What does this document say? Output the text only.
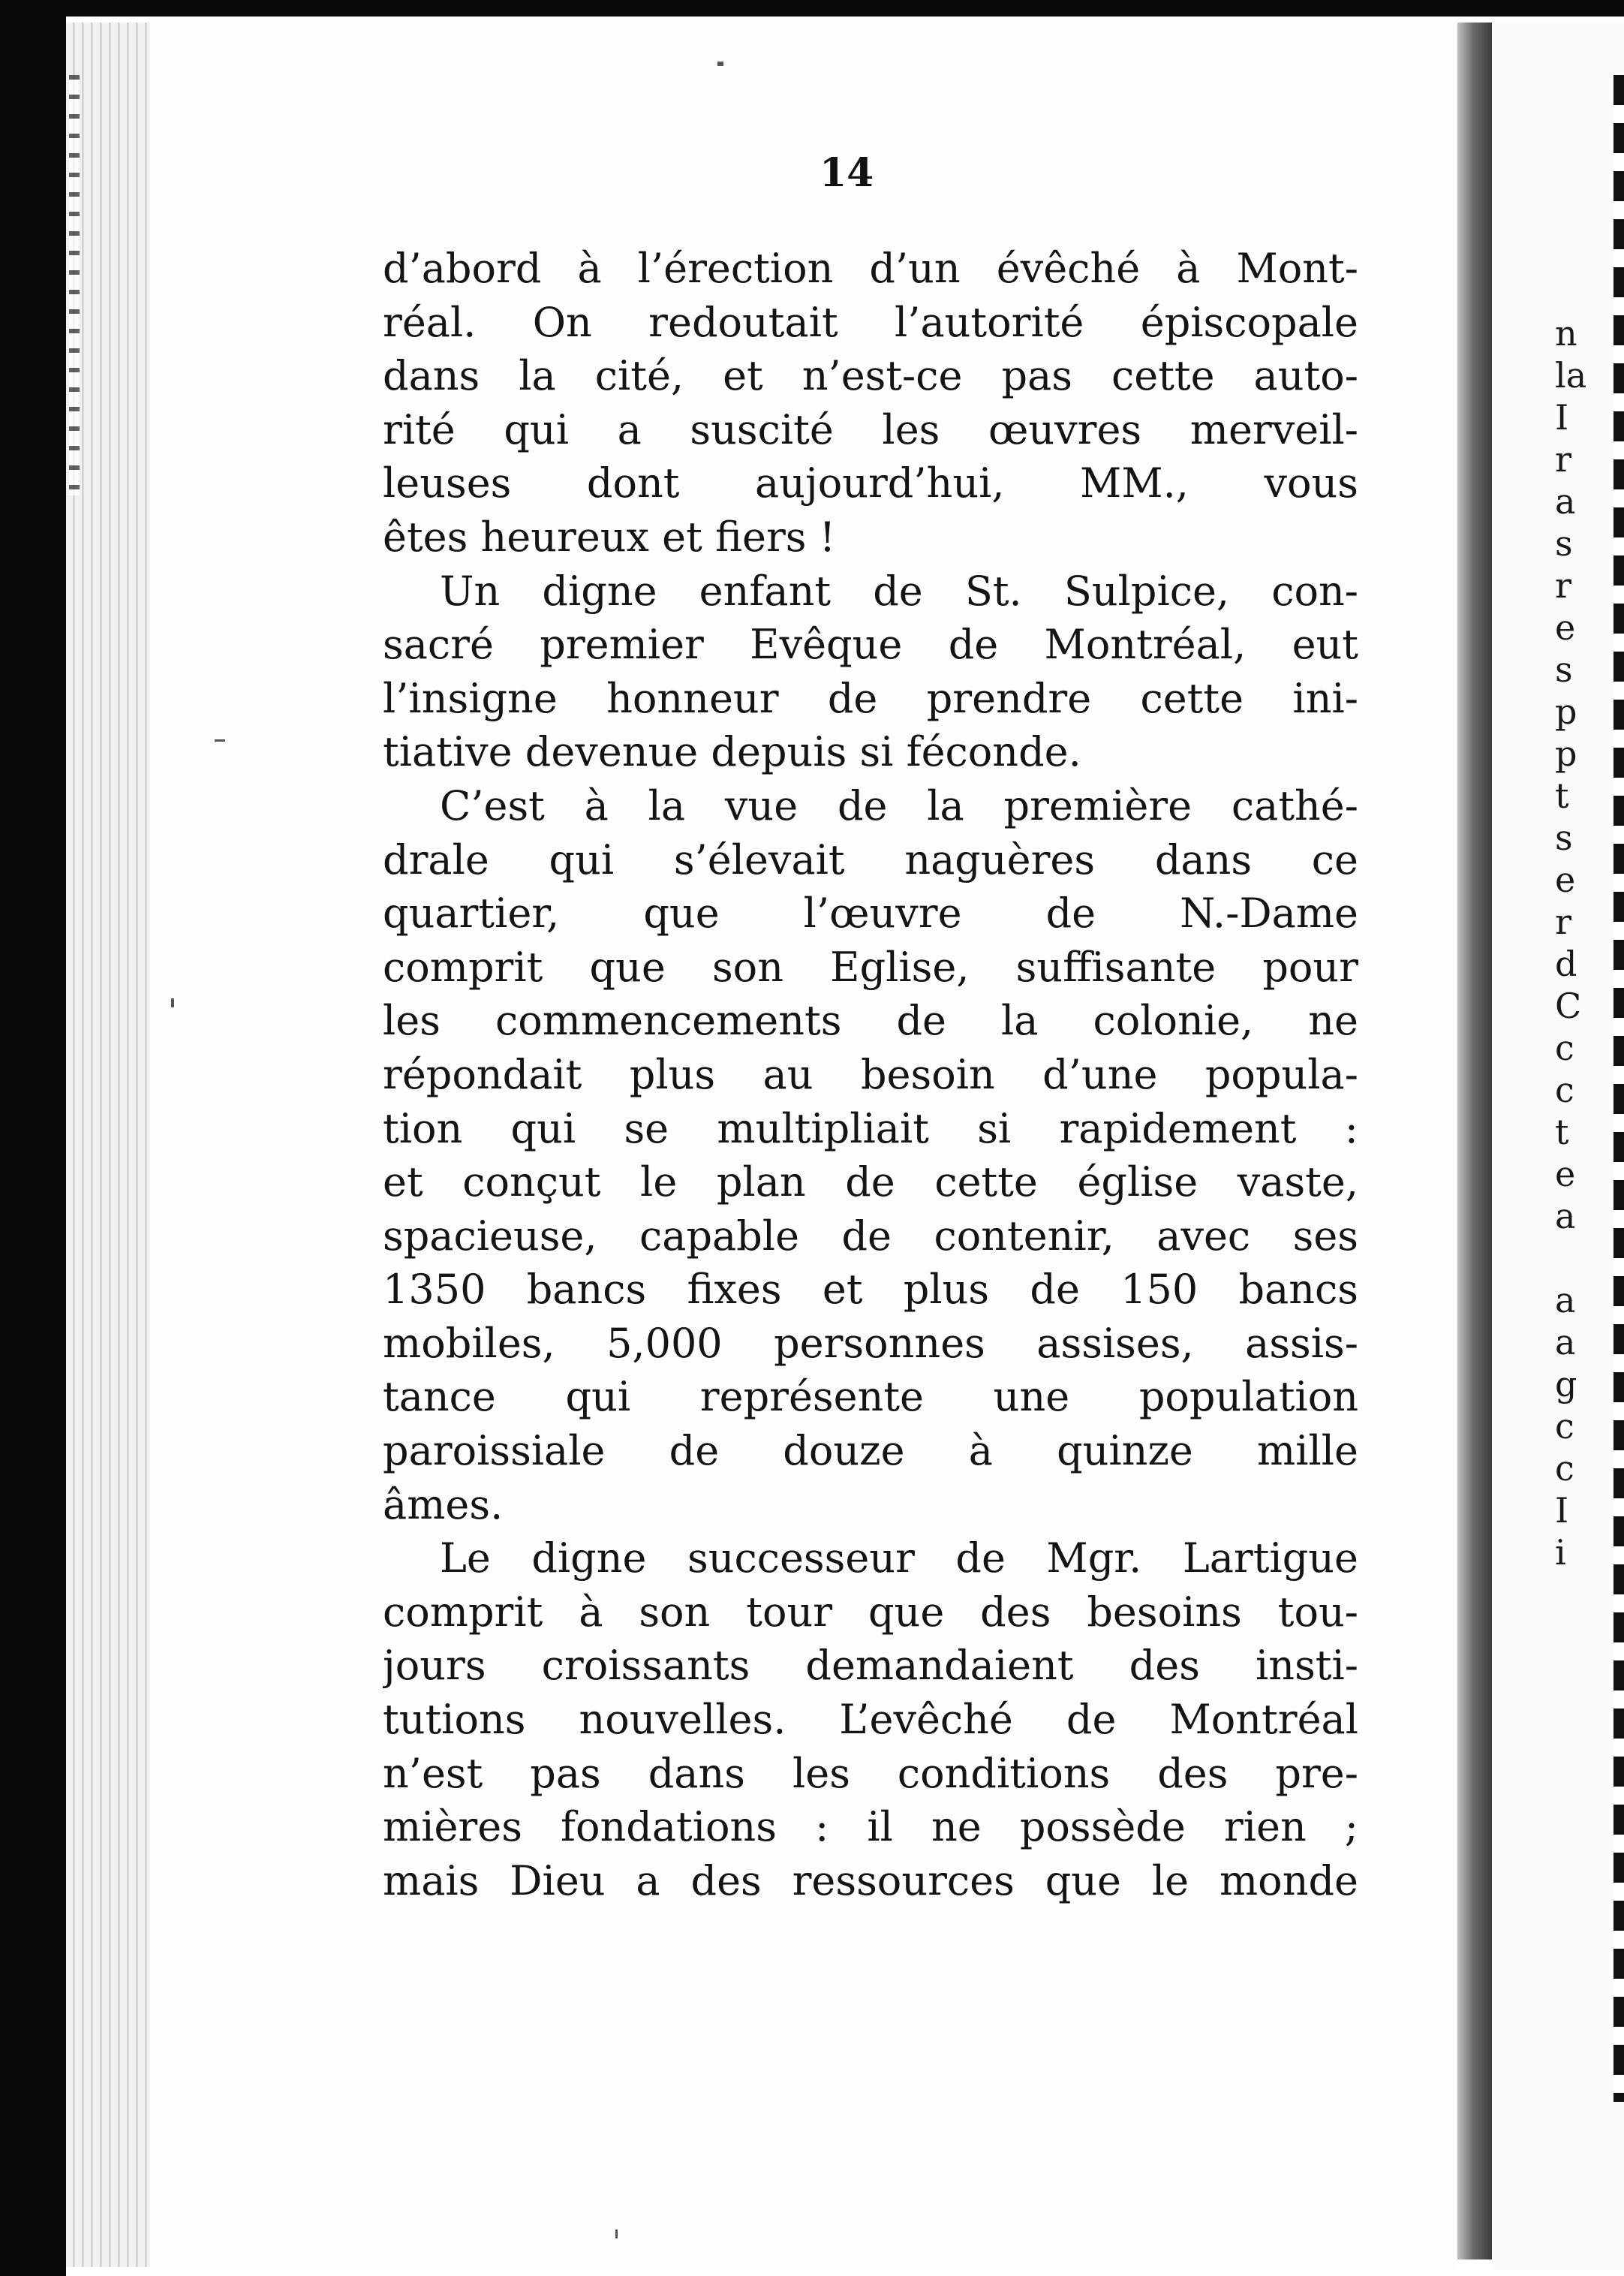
14
d’abord à l’érection d’un évêché à Mont-
réal. On redoutait l’autorité épiscopale
dans la cité, et n’est-ce pas cette auto-
rité qui a suscité les œuvres merveil-
leuses dont aujourd’hui, MM., vous
êtes heureux et fiers !
Un digne enfant de St. Sulpice, con-
sacré premier Evêque de Montréal, eut
l’insigne honneur de prendre cette ini-
tiative devenue depuis si féconde.
C’est à la vue de la première cathé-
drale qui s’élevait naguères dans ce
quartier, que l’œuvre de N.-Dame
comprit que son Eglise, suffisante pour
les commencements de la colonie, ne
répondait plus au besoin d’une popula-
tion qui se multipliait si rapidement :
et conçut le plan de cette église vaste,
spacieuse, capable de contenir, avec ses
1350 bancs fixes et plus de 150 bancs
mobiles, 5,000 personnes assises, assis-
tance qui représente une population
paroissiale de douze à quinze mille
âmes.
Le digne successeur de Mgr. Lartigue
comprit à son tour que des besoins tou-
jours croissants demandaient des insti-
tutions nouvelles. L’evêché de Montréal
n’est pas dans les conditions des pre-
mières fondations : il ne possède rien ;
mais Dieu a des ressources que le monde
n
la
I
r
a
s
r
e
s
p
p
t
s
e
r
d
C
c
c
t
e
a
a
a
g
c
c
I
i
